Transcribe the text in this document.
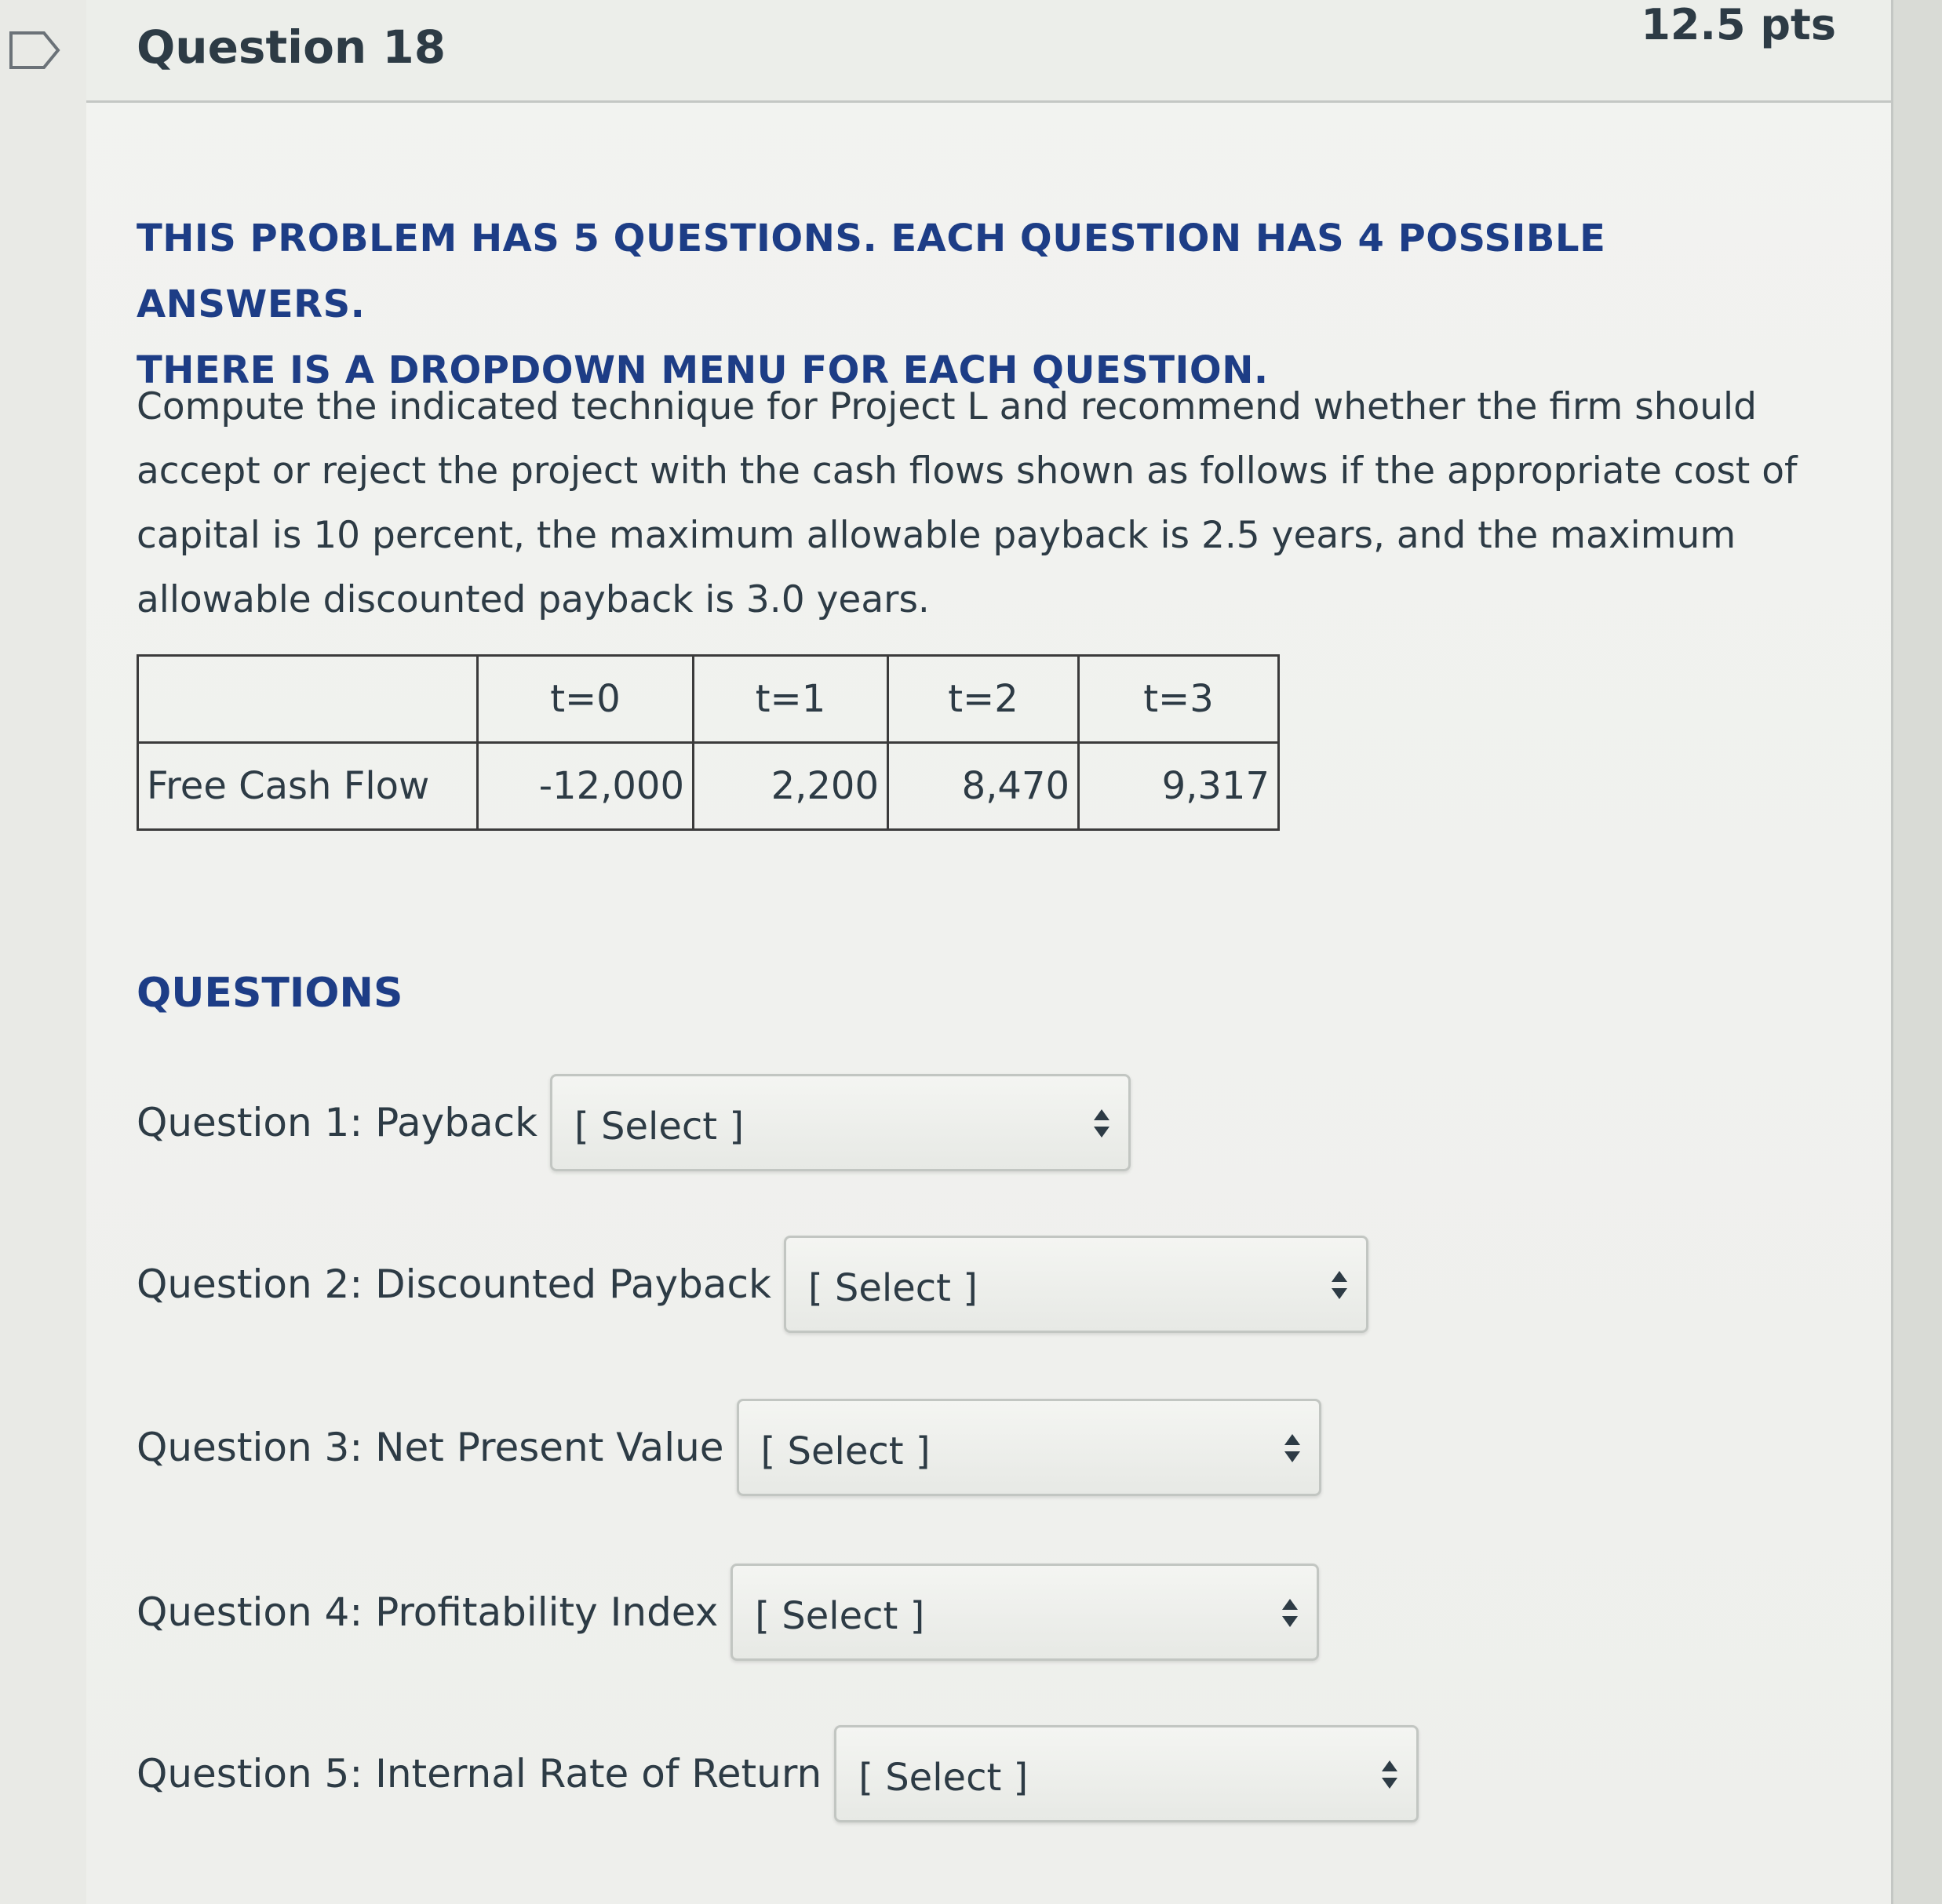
Question 18	12.5 pts
THIS PROBLEM HAS 5 QUESTIONS. EACH QUESTION HAS 4 POSSIBLE ANSWERS.
THERE IS A DROPDOWN MENU FOR EACH QUESTION.
Compute the indicated technique for Project L and recommend whether the firm should accept or reject the project with the cash flows shown as follows if the appropriate cost of capital is 10 percent, the maximum allowable payback is 2.5 years, and the maximum allowable discounted payback is 3.0 years.
	t=0	t=1	t=2	t=3
Free Cash Flow	-12,000	2,200	8,470	9,317
QUESTIONS
Question 1: Payback [ Select ]
Question 2: Discounted Payback [ Select ]
Question 3: Net Present Value [ Select ]
Question 4: Profitability Index [ Select ]
Question 5: Internal Rate of Return [ Select ]
